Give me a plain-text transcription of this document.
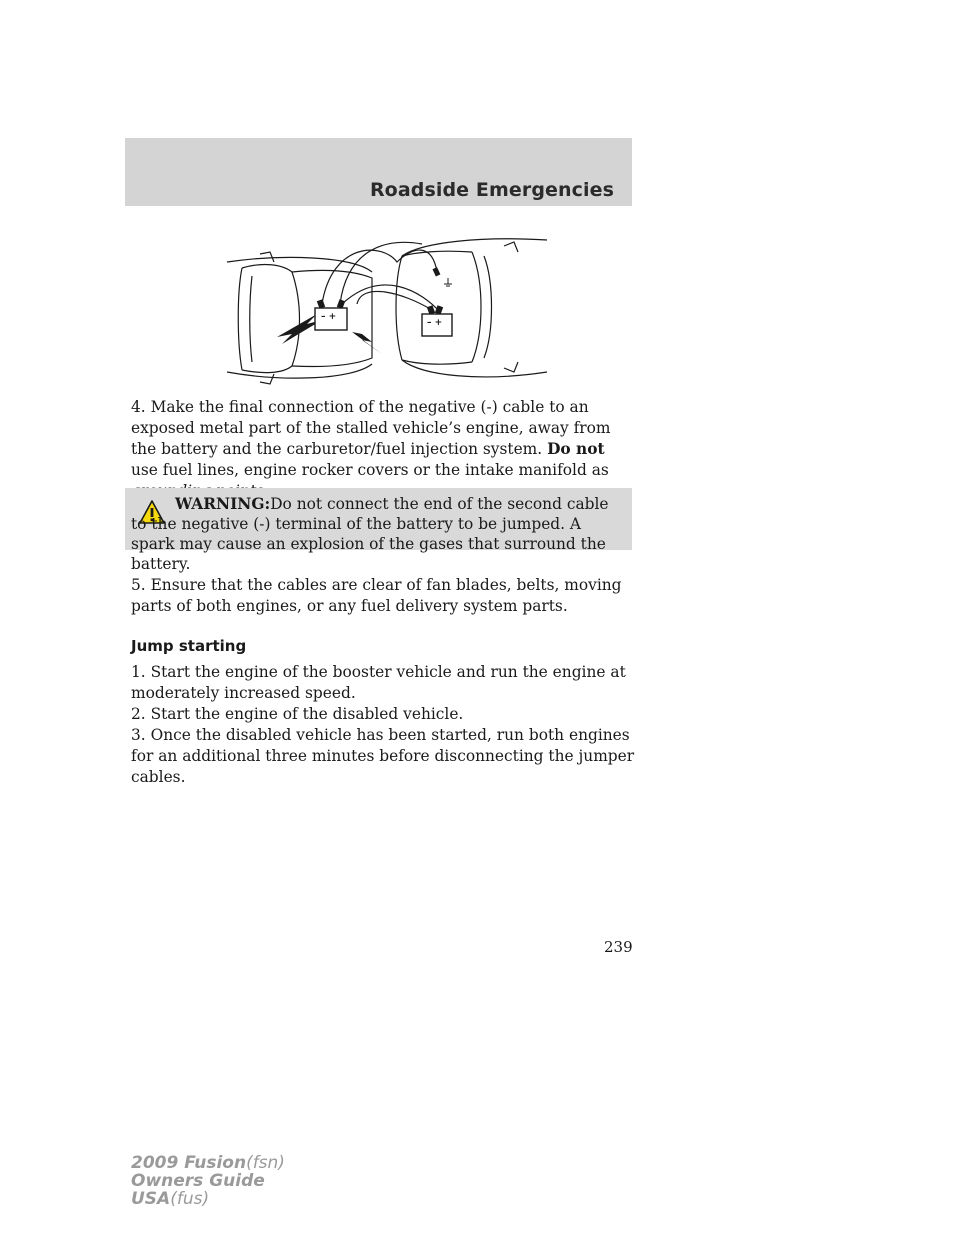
Roadside Emergencies
– +
– +

4. Make the final connection of the negative (-) cable to an exposed metal part of the stalled vehicle’s engine, away from the battery and the carburetor/fuel injection system. Do not use fuel lines, engine rocker covers or the intake manifold as

WARNING:Do not connect the end of the second cable to the negative (-) terminal of the battery to be jumped. A spark may cause an explosion of the gases that surround the battery.

5. Ensure that the cables are clear of fan blades, belts, moving parts of both engines, or any fuel delivery system parts.

Jump starting

1. Start the engine of the booster vehicle and run the engine at moderately increased speed.

2. Start the engine of the disabled vehicle.

3. Once the disabled vehicle has been started, run both engines for an additional three minutes before disconnecting the jumper cables.

239
2009 Fusion(fsn)
Owners Guide
USA(fus)
